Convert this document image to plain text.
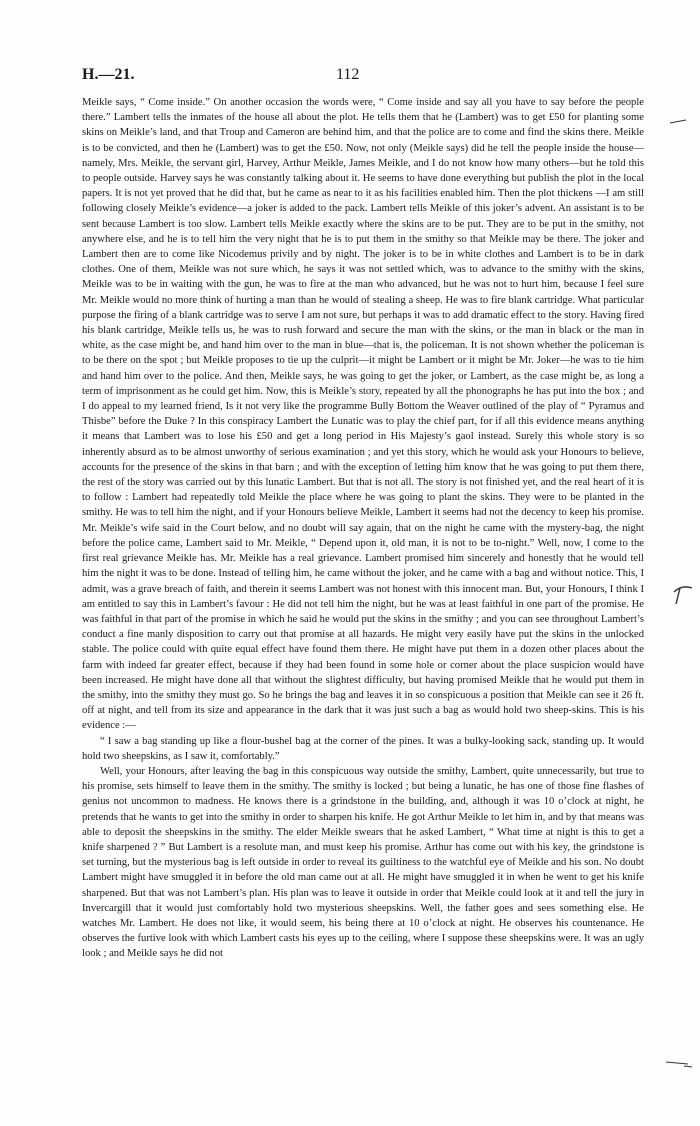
H.—21.	112

Meikle says, “ Come inside.” On another occasion the words were, “ Come inside and say all you have to say before the people there.” Lambert tells the inmates of the house all about the plot. He tells them that he (Lambert) was to get £50 for planting some skins on Meikle’s land, and that Troup and Cameron are behind him, and that the police are to come and find the skins there. Meikle is to be convicted, and then he (Lambert) was to get the £50. Now, not only (Meikle says) did he tell the people inside the house—namely, Mrs. Meikle, the servant girl, Harvey, Arthur Meikle, James Meikle, and I do not know how many others—but he told this to people outside. Harvey says he was constantly talking about it. He seems to have done everything but publish the plot in the local papers. It is not yet proved that he did that, but he came as near to it as his facilities enabled him. Then the plot thickens —I am still following closely Meikle’s evidence—a joker is added to the pack. Lambert tells Meikle of this joker’s advent. An assistant is to be sent because Lambert is too slow. Lambert tells Meikle exactly where the skins are to be put. They are to be put in the smithy, not anywhere else, and he is to tell him the very night that he is to put them in the smithy so that Meikle may be there. The joker and Lambert then are to come like Nicodemus privily and by night. The joker is to be in white clothes and Lambert is to be in dark clothes. One of them, Meikle was not sure which, he says it was not settled which, was to advance to the smithy with the skins, Meikle was to be in waiting with the gun, he was to fire at the man who advanced, but he was not to hurt him, because I feel sure Mr. Meikle would no more think of hurting a man than he would of stealing a sheep. He was to fire blank cartridge. What particular purpose the firing of a blank cartridge was to serve I am not sure, but perhaps it was to add dramatic effect to the story. Having fired his blank cartridge, Meikle tells us, he was to rush forward and secure the man with the skins, or the man in black or the man in white, as the case might be, and hand him over to the man in blue—that is, the policeman. It is not shown whether the policeman is to be there on the spot ; but Meikle proposes to tie up the culprit—it might be Lambert or it might be Mr. Joker—he was to tie him and hand him over to the police. And then, Meikle says, he was going to get the joker, or Lambert, as the case might be, as long a term of imprisonment as he could get him. Now, this is Meikle’s story, repeated by all the phonographs he has put into the box ; and I do appeal to my learned friend, Is it not very like the programme Bully Bottom the Weaver outlined of the play of “ Pyramus and Thisbe” before the Duke ? In this conspiracy Lambert the Lunatic was to play the chief part, for if all this evidence means anything it means that Lambert was to lose his £50 and get a long period in His Majesty’s gaol instead. Surely this whole story is so inherently absurd as to be almost unworthy of serious examination ; and yet this story, which he would ask your Honours to believe, accounts for the presence of the skins in that barn ; and with the exception of letting him know that he was going to put them there, the rest of the story was carried out by this lunatic Lambert. But that is not all. The story is not finished yet, and the real heart of it is to follow : Lambert had repeatedly told Meikle the place where he was going to plant the skins. They were to be planted in the smithy. He was to tell him the night, and if your Honours believe Meikle, Lambert it seems had not the decency to keep his promise. Mr. Meikle’s wife said in the Court below, and no doubt will say again, that on the night he came with the mystery-bag, the night before the police came, Lambert said to Mr. Meikle, “ Depend upon it, old man, it is not to be to-night.” Well, now, I come to the first real grievance Meikle has. Mr. Meikle has a real grievance. Lambert promised him sincerely and honestly that he would tell him the night it was to be done. Instead of telling him, he came without the joker, and he came with a bag and without notice. This, I admit, was a grave breach of faith, and therein it seems Lambert was not honest with this innocent man. But, your Honours, I think I am entitled to say this in Lambert’s favour : He did not tell him the night, but he was at least faithful in one part of the promise. He was faithful in that part of the promise in which he said he would put the skins in the smithy ; and you can see throughout Lambert’s conduct a fine manly disposition to carry out that promise at all hazards. He might very easily have put the skins in the unlocked stable. The police could with quite equal effect have found them there. He might have put them in a dozen other places about the farm with indeed far greater effect, because if they had been found in some hole or corner about the place suspicion would have been increased. He might have done all that without the slightest difficulty, but having promised Meikle that he would put them in the smithy, into the smithy they must go. So he brings the bag and leaves it in so conspicuous a position that Meikle can see it 26 ft. off at night, and tell from its size and appearance in the dark that it was just such a bag as would hold two sheep-skins. This is his evidence :—

“ I saw a bag standing up like a flour-bushel bag at the corner of the pines. It was a bulky-looking sack, standing up. It would hold two sheepskins, as I saw it, comfortably.”

Well, your Honours, after leaving the bag in this conspicuous way outside the smithy, Lambert, quite unnecessarily, but true to his promise, sets himself to leave them in the smithy. The smithy is locked ; but being a lunatic, he has one of those fine flashes of genius not uncommon to madness. He knows there is a grindstone in the building, and, although it was 10 o’clock at night, he pretends that he wants to get into the smithy in order to sharpen his knife. He got Arthur Meikle to let him in, and by that means was able to deposit the sheepskins in the smithy. The elder Meikle swears that he asked Lambert, “ What time at night is this to get a knife sharpened ? ” But Lambert is a resolute man, and must keep his promise. Arthur has come out with his key, the grindstone is set turning, but the mysterious bag is left outside in order to reveal its guiltiness to the watchful eye of Meikle and his son. No doubt Lambert might have smuggled it in before the old man came out at all. He might have smuggled it in when he went to get his knife sharpened. But that was not Lambert’s plan. His plan was to leave it outside in order that Meikle could look at it and tell the jury in Invercargill that it would just comfortably hold two mysterious sheepskins. Well, the father goes and sees something else. He watches Mr. Lambert. He does not like, it would seem, his being there at 10 o’clock at night. He observes his countenance. He observes the furtive look with which Lambert casts his eyes up to the ceiling, where I suppose these sheepskins were. It was an ugly look ; and Meikle says he did not
